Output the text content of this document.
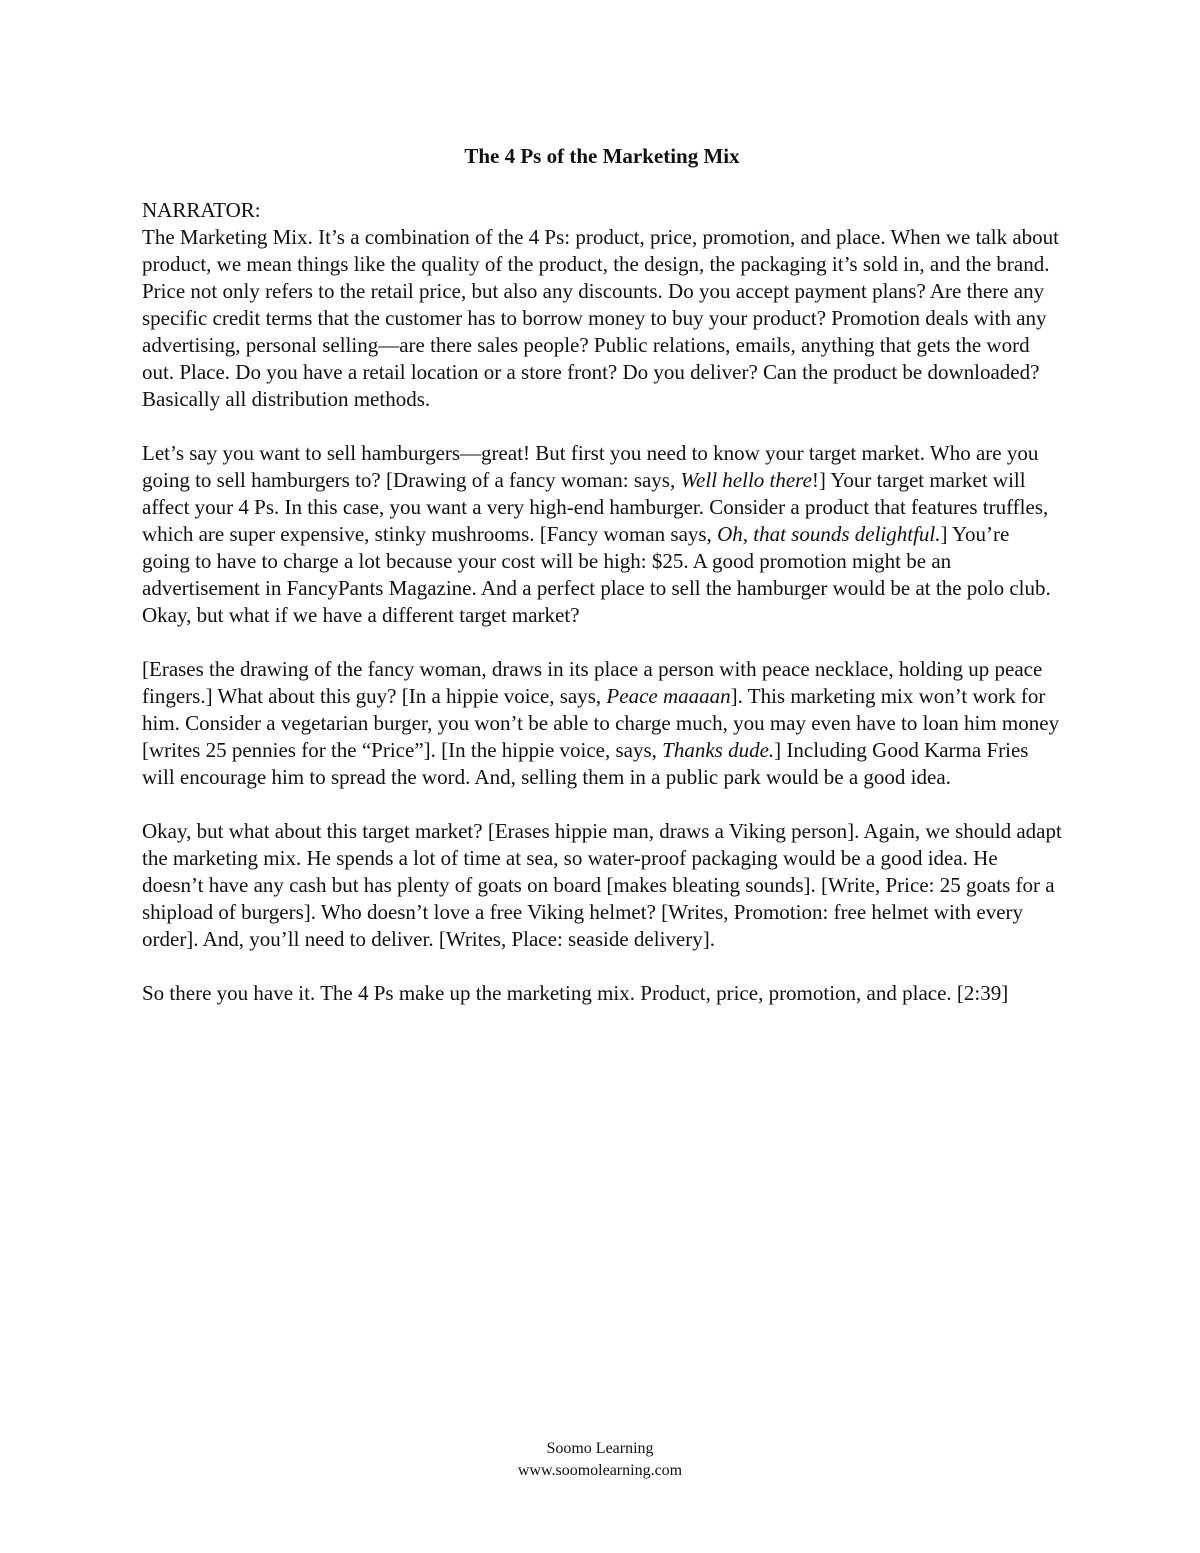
The 4 Ps of the Marketing Mix
NARRATOR:
The Marketing Mix. It’s a combination of the 4 Ps: product, price, promotion, and place. When we talk about product, we mean things like the quality of the product, the design, the packaging it’s sold in, and the brand. Price not only refers to the retail price, but also any discounts. Do you accept payment plans? Are there any specific credit terms that the customer has to borrow money to buy your product? Promotion deals with any advertising, personal selling—are there sales people? Public relations, emails, anything that gets the word out. Place. Do you have a retail location or a store front? Do you deliver? Can the product be downloaded? Basically all distribution methods.
Let’s say you want to sell hamburgers—great! But first you need to know your target market. Who are you going to sell hamburgers to? [Drawing of a fancy woman: says, Well hello there!] Your target market will affect your 4 Ps. In this case, you want a very high-end hamburger. Consider a product that features truffles, which are super expensive, stinky mushrooms. [Fancy woman says, Oh, that sounds delightful.] You’re going to have to charge a lot because your cost will be high: $25. A good promotion might be an advertisement in FancyPants Magazine. And a perfect place to sell the hamburger would be at the polo club. Okay, but what if we have a different target market?
[Erases the drawing of the fancy woman, draws in its place a person with peace necklace, holding up peace fingers.] What about this guy? [In a hippie voice, says, Peace maaaan]. This marketing mix won’t work for him. Consider a vegetarian burger, you won’t be able to charge much, you may even have to loan him money [writes 25 pennies for the “Price”]. [In the hippie voice, says, Thanks dude.] Including Good Karma Fries will encourage him to spread the word. And, selling them in a public park would be a good idea.
Okay, but what about this target market? [Erases hippie man, draws a Viking person]. Again, we should adapt the marketing mix. He spends a lot of time at sea, so water-proof packaging would be a good idea. He doesn’t have any cash but has plenty of goats on board [makes bleating sounds]. [Write, Price: 25 goats for a shipload of burgers]. Who doesn’t love a free Viking helmet? [Writes, Promotion: free helmet with every order]. And, you’ll need to deliver. [Writes, Place: seaside delivery].
So there you have it. The 4 Ps make up the marketing mix. Product, price, promotion, and place. [2:39]
Soomo Learning
www.soomolearning.com
